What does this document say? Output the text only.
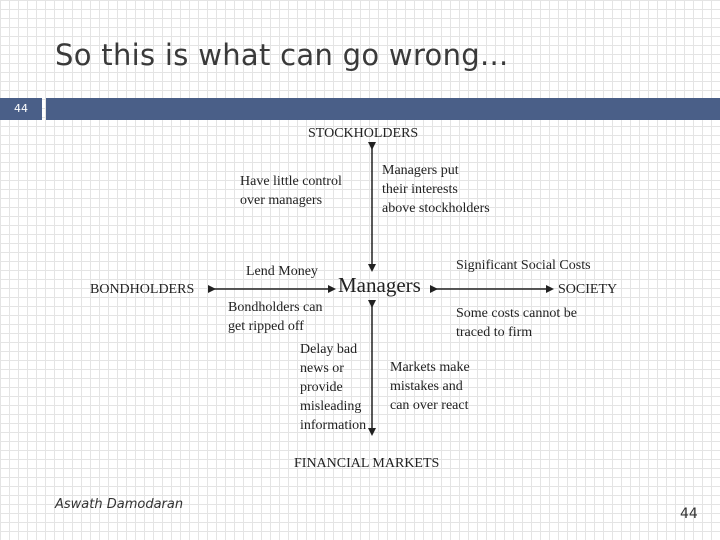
So this is what can go wrong...
44
STOCKHOLDERS
Have little control
over managers
Managers put
their interests
above stockholders
Lend Money
BONDHOLDERS	Managers
Significant Social Costs
SOCIETY
Bondholders can
get ripped off
Some costs cannot be
traced to firm
Delay bad
news or
provide
misleading
information
Markets make
mistakes and
can over react
FINANCIAL MARKETS
Aswath Damodaran
44
